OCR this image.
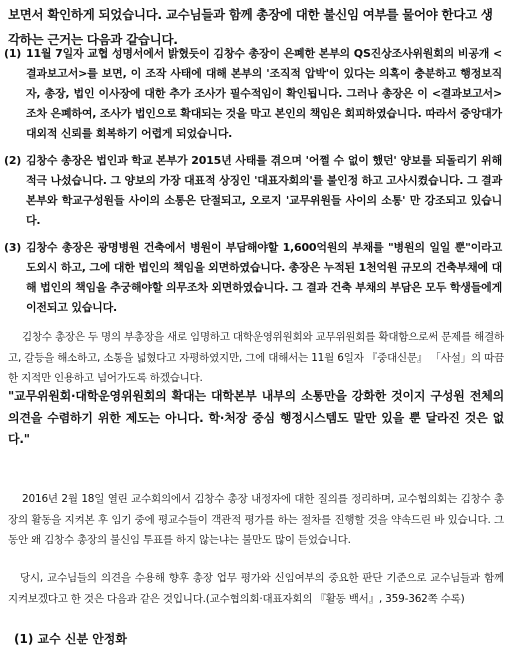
보면서 확인하게 되었습니다. 교수님들과 함께 총장에 대한 불신임 여부를 물어야 한다고 생각하는 근거는 다음과 같습니다.
(1) 11월 7일자 교협 성명서에서 밝혔듯이 김창수 총장이 은폐한 본부의 QS진상조사위원회의 비공개 <결과보고서>를 보면, 이 조작 사태에 대해 본부의 '조직적 압박'이 있다는 의혹이 충분하고 행정보직자, 총장, 법인 이사장에 대한 추가 조사가 필수적임이 확인됩니다. 그러나 총장은 이 <결과보고서>조차 은폐하여, 조사가 법인으로 확대되는 것을 막고 본인의 책임은 회피하였습니다. 따라서 중앙대가 대외적 신뢰를 회복하기 어렵게 되었습니다.
(2) 김창수 총장은 법인과 학교 본부가 2015년 사태를 겪으며 '어쩔 수 없이 했던' 양보를 되돌리기 위해 적극 나섰습니다. 그 양보의 가장 대표적 상징인 '대표자회의'를 불인정 하고 고사시켰습니다. 그 결과 본부와 학교구성원들 사이의 소통은 단절되고, 오로지 '교무위원들 사이의 소통' 만 강조되고 있습니다.
(3) 김창수 총장은 광명병원 건축에서 병원이 부담해야할 1,600억원의 부채를 "병원의 일일 뿐"이라고 도외시 하고, 그에 대한 법인의 책임을 외면하였습니다. 총장은 누적된 1천억원 규모의 건축부채에 대해 법인의 책임을 추궁해야할 의무조차 외면하였습니다. 그 결과 건축 부채의 부담은 모두 학생들에게 이전되고 있습니다.
김창수 총장은 두 명의 부총장을 새로 임명하고 대학운영위원회와 교무위원회를 확대함으로써 문제를 해결하고, 갈등을 해소하고, 소통을 넓혔다고 자평하였지만, 그에 대해서는 11월 6일자 『중대신문』 「사설」의 따끔한 지적만 인용하고 넘어가도록 하겠습니다.
"교무위원회·대학운영위원회의 확대는 대학본부 내부의 소통만을 강화한 것이지 구성원 전체의 의견을 수렴하기 위한 제도는 아니다. 학·처장 중심 행정시스템도 말만 있을 뿐 달라진 것은 없다."
2016년 2월 18일 열린 교수회의에서 김창수 총장 내정자에 대한 질의를 정리하며, 교수협의회는 김창수 총장의 활동을 지켜본 후 임기 중에 평교수들이 객관적 평가를 하는 절차를 진행할 것을 약속드린 바 있습니다. 그동안 왜 김창수 총장의 불신임 투표를 하지 않는냐는 불만도 많이 듣었습니다.
당시, 교수님들의 의견을 수용해 향후 총장 업무 평가와 신임여부의 중요한 판단 기준으로 교수님들과 함께 지켜보겠다고 한 것은 다음과 같은 것입니다.(교수협의회·대표자회의 『활동 백서』, 359-362쪽 수록)
(1) 교수 신분 안정화
